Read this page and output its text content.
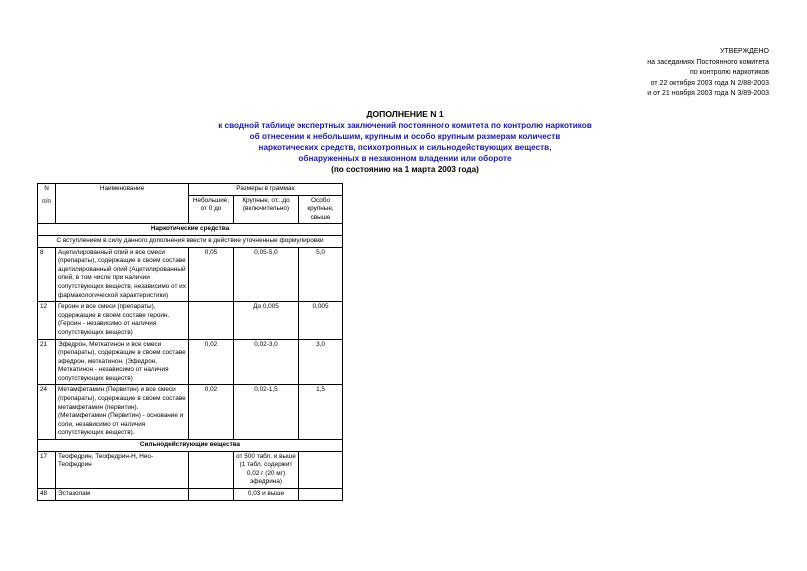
УТВЕРЖДЕНО
на заседаниях Постоянного комитета
по контролю наркотиков
от 22 октября 2003 года N 2/88-2003
и от 21 ноября 2003 года N 3/89-2003
ДОПОЛНЕНИЕ N 1
к сводной таблице экспертных заключений постоянного комитета по контролю наркотиков
об отнесении к небольшим, крупным и особо крупным размерам количеств
наркотических средств, психотропных и сильнодействующих веществ,
обнаруженных в незаконном владении или обороте
(по состоянию на 1 марта 2003 года)
N
п/п	Наименование	Размеры в граммах		
		Небольшие, от 0 до	Крупные, от...до (включительно)	Особо крупные, свыше
Наркотические средства				
С вступлением в силу данного дополнения ввести в действие уточненные формулировки				
8	Ацетилированный опий и все смеси (препараты), содержащие в своем составе ацетилированный опий (Ацетилированный опий, в том числе при наличии сопутствующих веществ, независимо от их фармакологической характеристики)	0,05	0,05-5,0	5,0
12	Героин и все смеси (препараты), содержащие в своем составе героин. (Героин - независимо от наличия сопутствующих веществ)		До 0,005	0,005
21	Эфедрон, Меткатинон и все смеси (препараты), содержащие в своем составе эфедрон, меткатинон. (Эфедрон, Меткатинон - независимо от наличия сопутствующих веществ)	0,02	0,02-3,0	3,0
24	Метамфетамин (Первитин) и все смеси (препараты), содержащие в своем составе метамфетамин (первитин). (Метамфетамин (Первитин) - основание и соли, независимо от наличия сопутствующих веществ).	0,02	0,02-1,5	1,5
Сильнодействующие вещества				
17	Теофедрин, Теофедрин-Н, Нео-Теофедрин		от 500 табл. и выше (1 табл. содержит 0,02 г (20 мг) эфедрина)	
48	Эстазолам		0,03 и выше	
